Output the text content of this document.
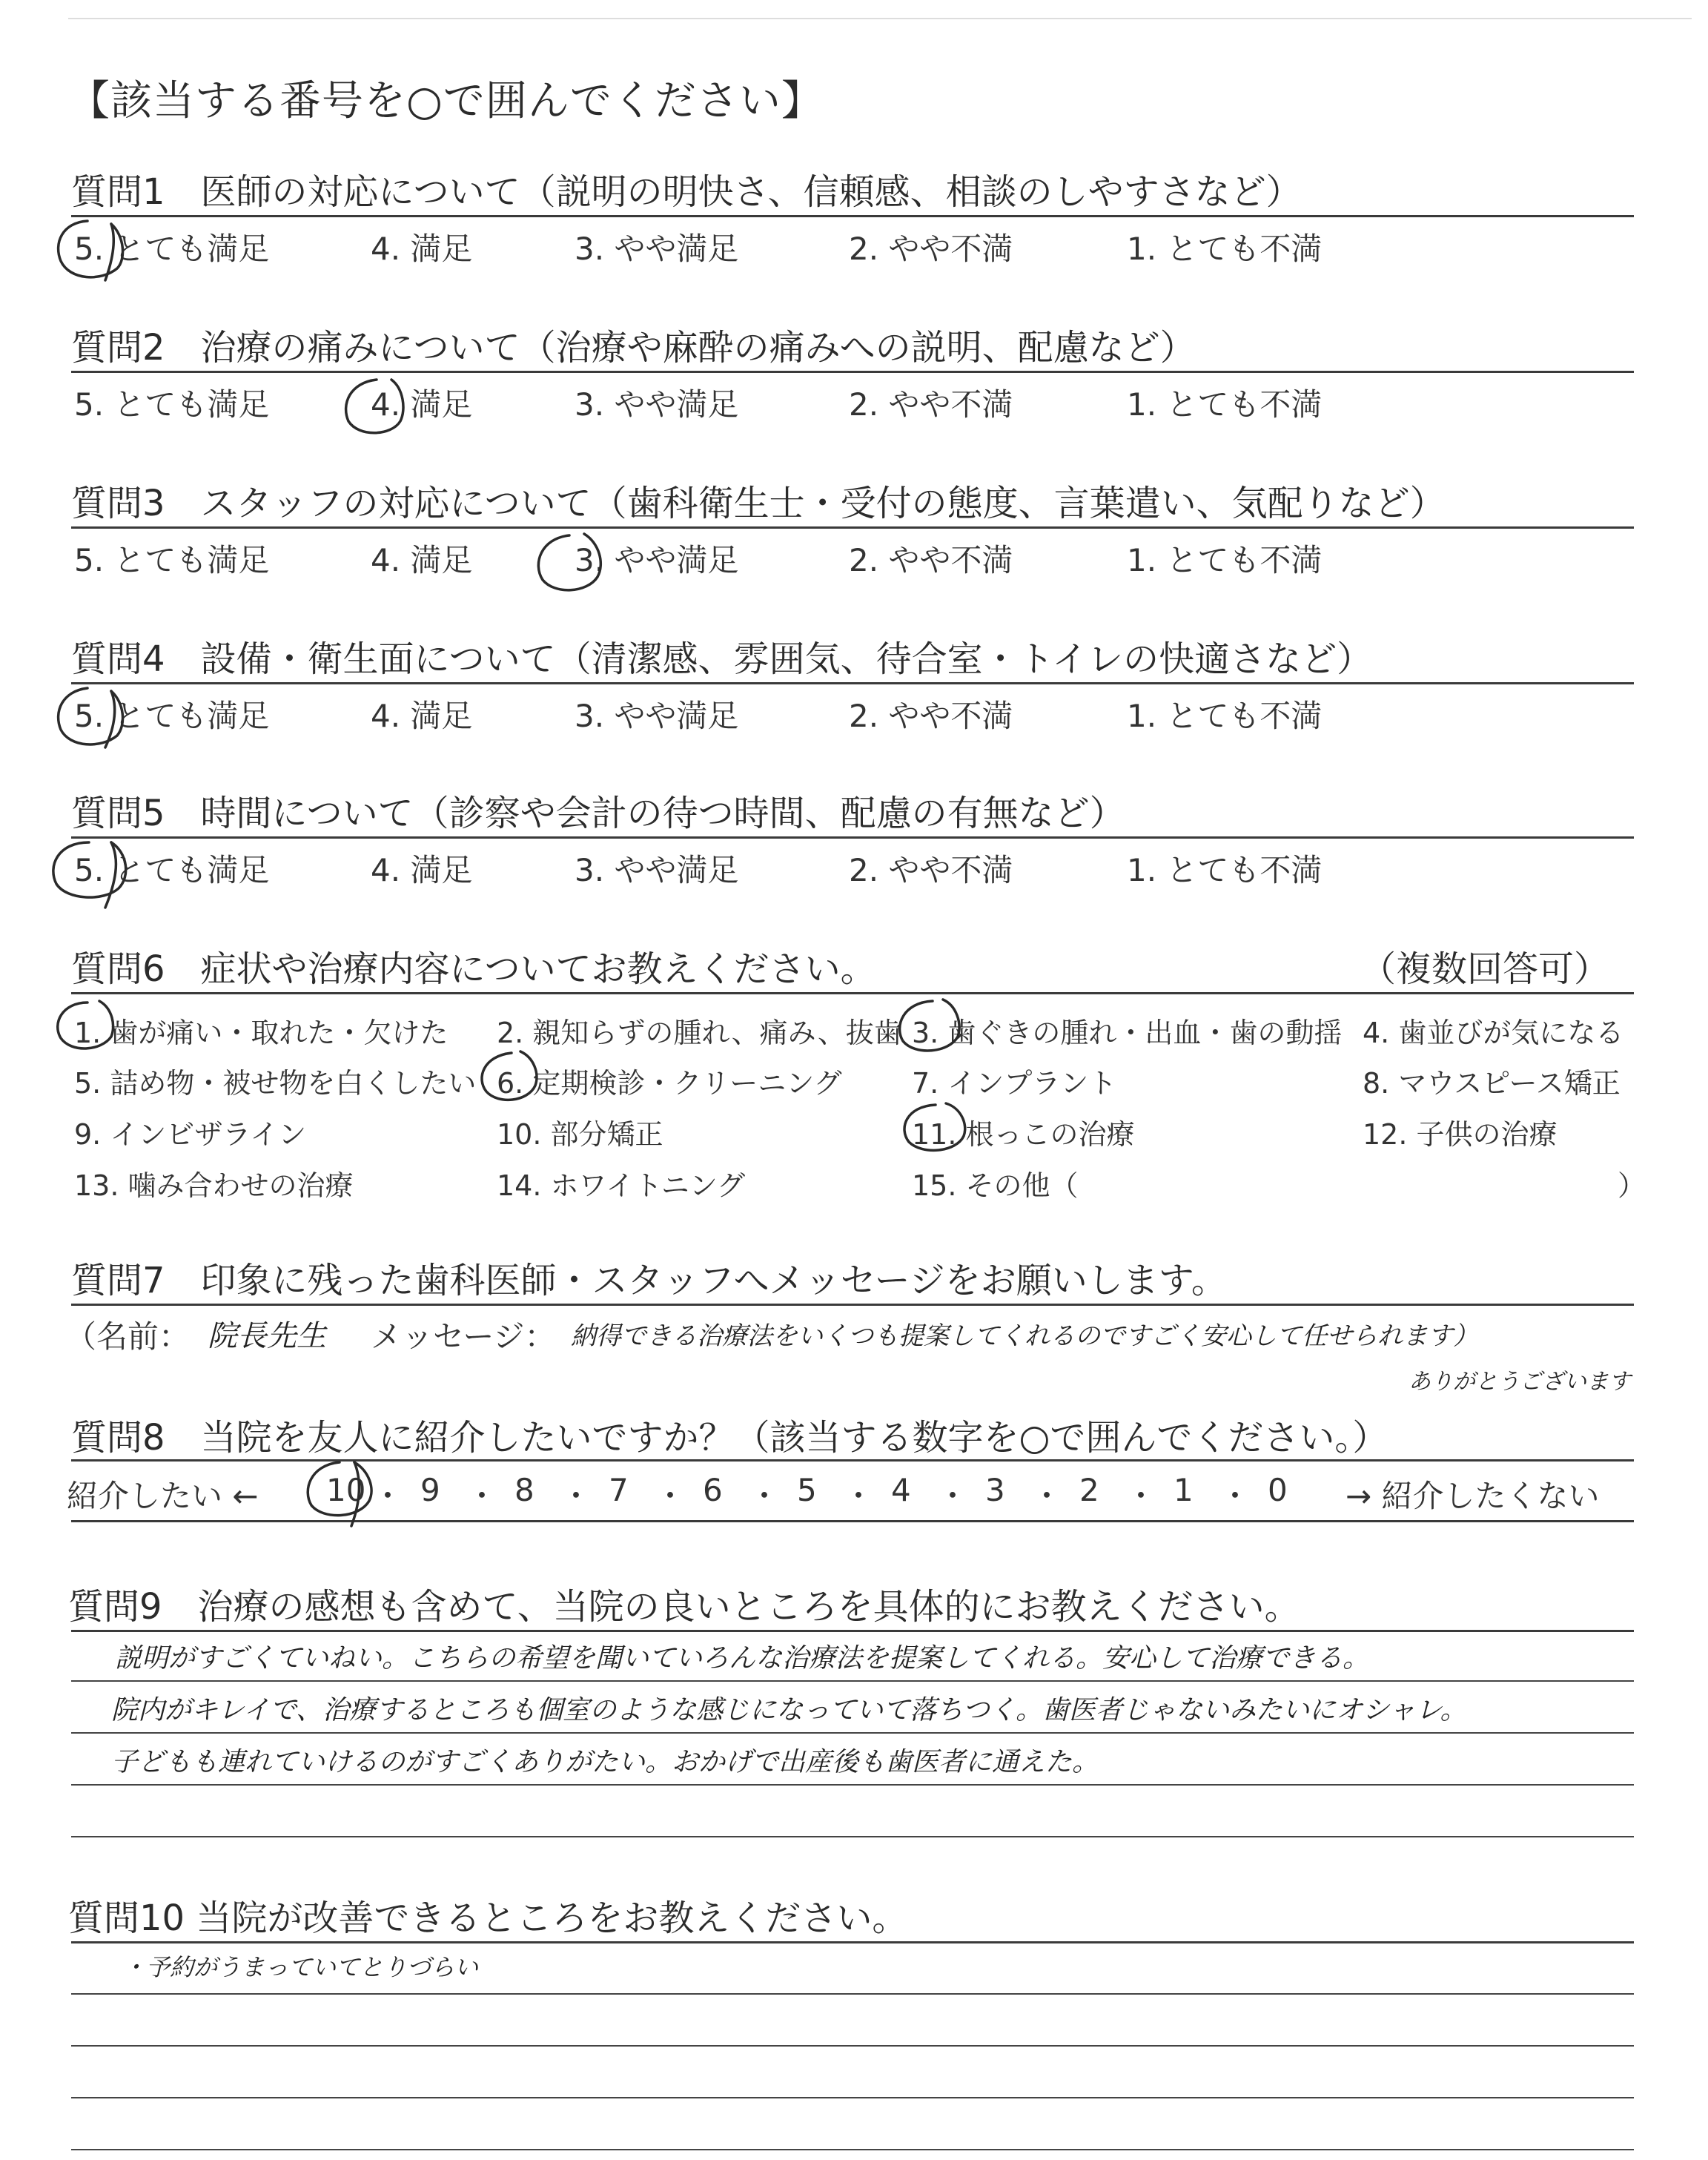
【該当する番号を○で囲んでください】
質問1　医師の対応について（説明の明快さ、信頼感、相談のしやすさなど）
5. とても満足	4. 満足	3. やや満足	2. やや不満	1. とても不満
質問2　治療の痛みについて（治療や麻酔の痛みへの説明、配慮など）
5. とても満足	4. 満足	3. やや満足	2. やや不満	1. とても不満
質問3　スタッフの対応について（歯科衛生士・受付の態度、言葉遣い、気配りなど）
5. とても満足	4. 満足	3. やや満足	2. やや不満	1. とても不満
質問4　設備・衛生面について（清潔感、雰囲気、待合室・トイレの快適さなど）
5. とても満足	4. 満足	3. やや満足	2. やや不満	1. とても不満
質問5　時間について（診察や会計の待つ時間、配慮の有無など）
5. とても満足	4. 満足	3. やや満足	2. やや不満	1. とても不満
質問6　症状や治療内容についてお教えください。	（複数回答可）
1. 歯が痛い・取れた・欠けた 2. 親知らずの腫れ、痛み、抜歯 3. 歯ぐきの腫れ・出血・歯の動揺 4. 歯並びが気になる
5. 詰め物・被せ物を白くしたい 6. 定期検診・クリーニング 7. インプラント	8. マウスピース矯正
9. インビザライン	10. 部分矯正	11. 根っこの治療	12. 子供の治療
13. 噛み合わせの治療	14. ホワイトニング	15. その他（	）
質問7　印象に残った歯科医師・スタッフへメッセージをお願いします。
（名前： 院長先生 メッセージ： 納得できる治療法をいくつも提案してくれるのですごく安心して任せられます）
ありがとうございます
質問8　当院を友人に紹介したいですか？（該当する数字を○で囲んでください。）
紹介したい ← 10 ・ 9 ・ 8 ・ 7 ・ 6 ・ 5 ・ 4 ・ 3 ・ 2 ・ 1 ・ 0 → 紹介したくない
質問9　治療の感想も含めて、当院の良いところを具体的にお教えください。
説明がすごくていねい。こちらの希望を聞いていろんな治療法を提案してくれる。安心して治療できる。
院内がキレイで、治療するところも個室のような感じになっていて落ちつく。歯医者じゃないみたいにオシャレ。
子どもも連れていけるのがすごくありがたい。おかげで出産後も歯医者に通えた。
質問10 当院が改善できるところをお教えください。
・予約がうまっていてとりづらい
